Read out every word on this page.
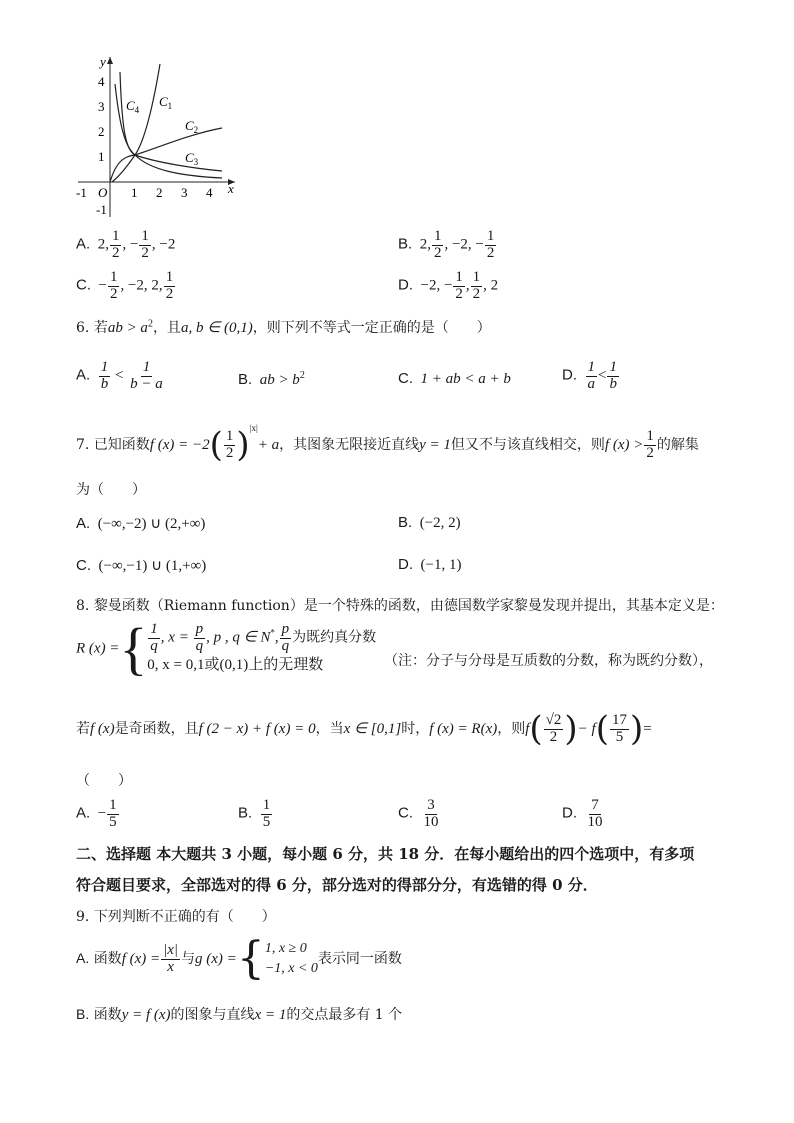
y
x
O
-1	1 2 3 4
4
3
2
1
-1
$C_4$
$C_1$
$C_2$
$C_3$
A. 2, $\frac{1}{2}$ , − $\frac{1}{2}$ , −2	B. 2, $\frac{1}{2}$ , −2, − $\frac{1}{2}$
C. − $\frac{1}{2}$ , −2, 2, $\frac{1}{2}$	D. −2, − $\frac{1}{2}$ , $\frac{1}{2}$ , 2
6. 若ab > $a^2$，且a, b ∈ (0,1)，则下列不等式一定正确的是（　　）
A. $\frac{1}{b} < \frac{1}{b - a}$	B. ab > $b^2$	C. 1 + ab < a + b	D. $\frac{1}{a} < \frac{1}{b}$
7. 已知函数f $(x) = -2( \frac{1}{2} )^{|x|}+ a$，其图象无限接近直线y = 1但又不与该直线相交，则f $(x) > \frac{1}{2}$ 的解集
为（　　）
A. (−∞,−2) ∪ (2,+∞)	B. (−2, 2)
C. (−∞,−1) ∪ (1,+∞)	D. (−1, 1)
8. 黎曼函数（Riemann function）是一个特殊的函数，由德国数学家黎曼发现并提出，其基本定义是：
R (x) ={ $\frac{1}{q}$ , $x = \frac{p}{q}$ , p , q ∈ N*, $\frac{p}{q}$ 为既约真分数
0, x = 0,1或(0,1)上的无理数	（注：分子与分母是互质数的分数，称为既约分数），
若f (x)是奇函数，且f (2 − x) + f (x) = 0，当x ∈ [0,1]时，f (x) = R(x)，则$f( \frac{√2}{2}$ )− $f( \frac{17}{5}$ )=
（　　）
A. − $\frac{1}{5}$	B. $\frac{1}{5}$	C. $\frac{3}{10}$	D. $\frac{7}{10}$
二、选择题 本大题共 3 小题，每小题 6 分，共 18 分．在每小题给出的四个选项中，有多项
符合题目要求，全部选对的得 6 分，部分选对的得部分分，有选错的得 0 分．
9. 下列判断不正确的有（　　）
A. 函数f $(x) = \frac{|x|}{x}$ 与g (x) ={ 1, x ≥ 0
−1, x < 0
表示同一函数
B. 函数y = f (x)的图象与直线x = 1的交点最多有 1 个
